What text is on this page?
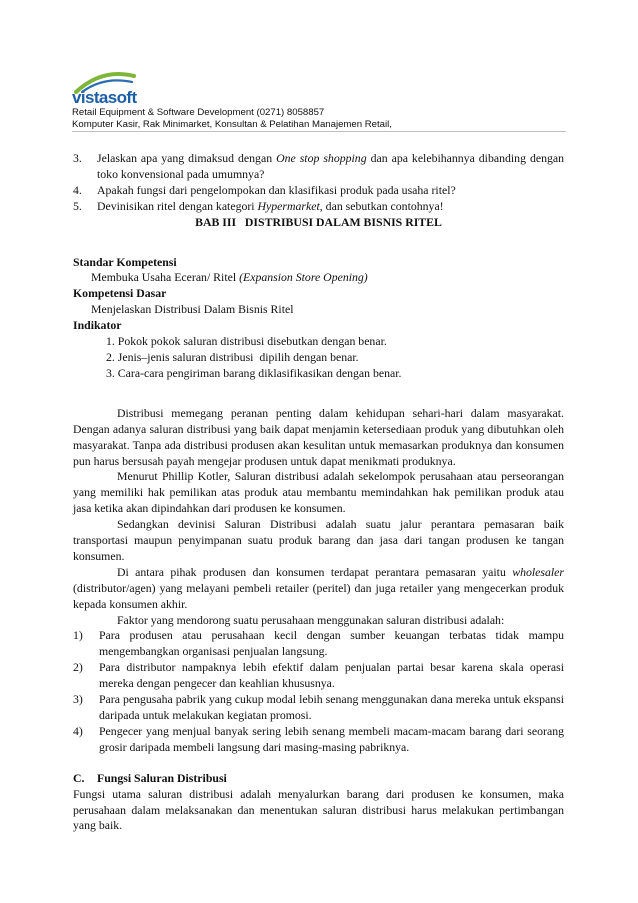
vistasoft
Retail Equipment & Software Development (0271) 8058857
Komputer Kasir, Rak Minimarket, Konsultan & Pelatihan Manajemen Retail,
3.	Jelaskan apa yang dimaksud dengan One stop shopping dan apa kelebihannya dibanding dengan toko konvensional pada umumnya?
4.	Apakah fungsi dari pengelompokan dan klasifikasi produk pada usaha ritel?
5.	Devinisikan ritel dengan kategori Hypermarket, dan sebutkan contohnya!
BAB III   DISTRIBUSI DALAM BISNIS RITEL
Standar Kompetensi
Membuka Usaha Eceran/ Ritel (Expansion Store Opening)
Kompetensi Dasar
Menjelaskan Distribusi Dalam Bisnis Ritel
Indikator
1. Pokok pokok saluran distribusi disebutkan dengan benar.
2. Jenis–jenis saluran distribusi  dipilih dengan benar.
3. Cara-cara pengiriman barang diklasifikasikan dengan benar.
Distribusi memegang peranan penting dalam kehidupan sehari-hari dalam masyarakat. Dengan adanya saluran distribusi yang baik dapat menjamin ketersediaan produk yang dibutuhkan oleh masyarakat. Tanpa ada distribusi produsen akan kesulitan untuk memasarkan produknya dan konsumen pun harus bersusah payah mengejar produsen untuk dapat menikmati produknya.
Menurut Phillip Kotler, Saluran distribusi adalah sekelompok perusahaan atau perseorangan yang memiliki hak pemilikan atas produk atau membantu memindahkan hak pemilikan produk atau jasa ketika akan dipindahkan dari produsen ke konsumen.
Sedangkan devinisi Saluran Distribusi adalah suatu jalur perantara pemasaran baik transportasi maupun penyimpanan suatu produk barang dan jasa dari tangan produsen ke tangan konsumen.
Di antara pihak produsen dan konsumen terdapat perantara pemasaran yaitu wholesaler (distributor/agen) yang melayani pembeli retailer (peritel) dan juga retailer yang mengecerkan produk kepada konsumen akhir.
Faktor yang mendorong suatu perusahaan menggunakan saluran distribusi adalah:
1)	Para produsen atau perusahaan kecil dengan sumber keuangan terbatas tidak mampu mengembangkan organisasi penjualan langsung.
2)	Para distributor nampaknya lebih efektif dalam penjualan partai besar karena skala operasi mereka dengan pengecer dan keahlian khususnya.
3)	Para pengusaha pabrik yang cukup modal lebih senang menggunakan dana mereka untuk ekspansi daripada untuk melakukan kegiatan promosi.
4)	Pengecer yang menjual banyak sering lebih senang membeli macam-macam barang dari seorang grosir daripada membeli langsung dari masing-masing pabriknya.
C.	Fungsi Saluran Distribusi
Fungsi utama saluran distribusi adalah menyalurkan barang dari produsen ke konsumen, maka perusahaan dalam melaksanakan dan menentukan saluran distribusi harus melakukan pertimbangan yang baik.
